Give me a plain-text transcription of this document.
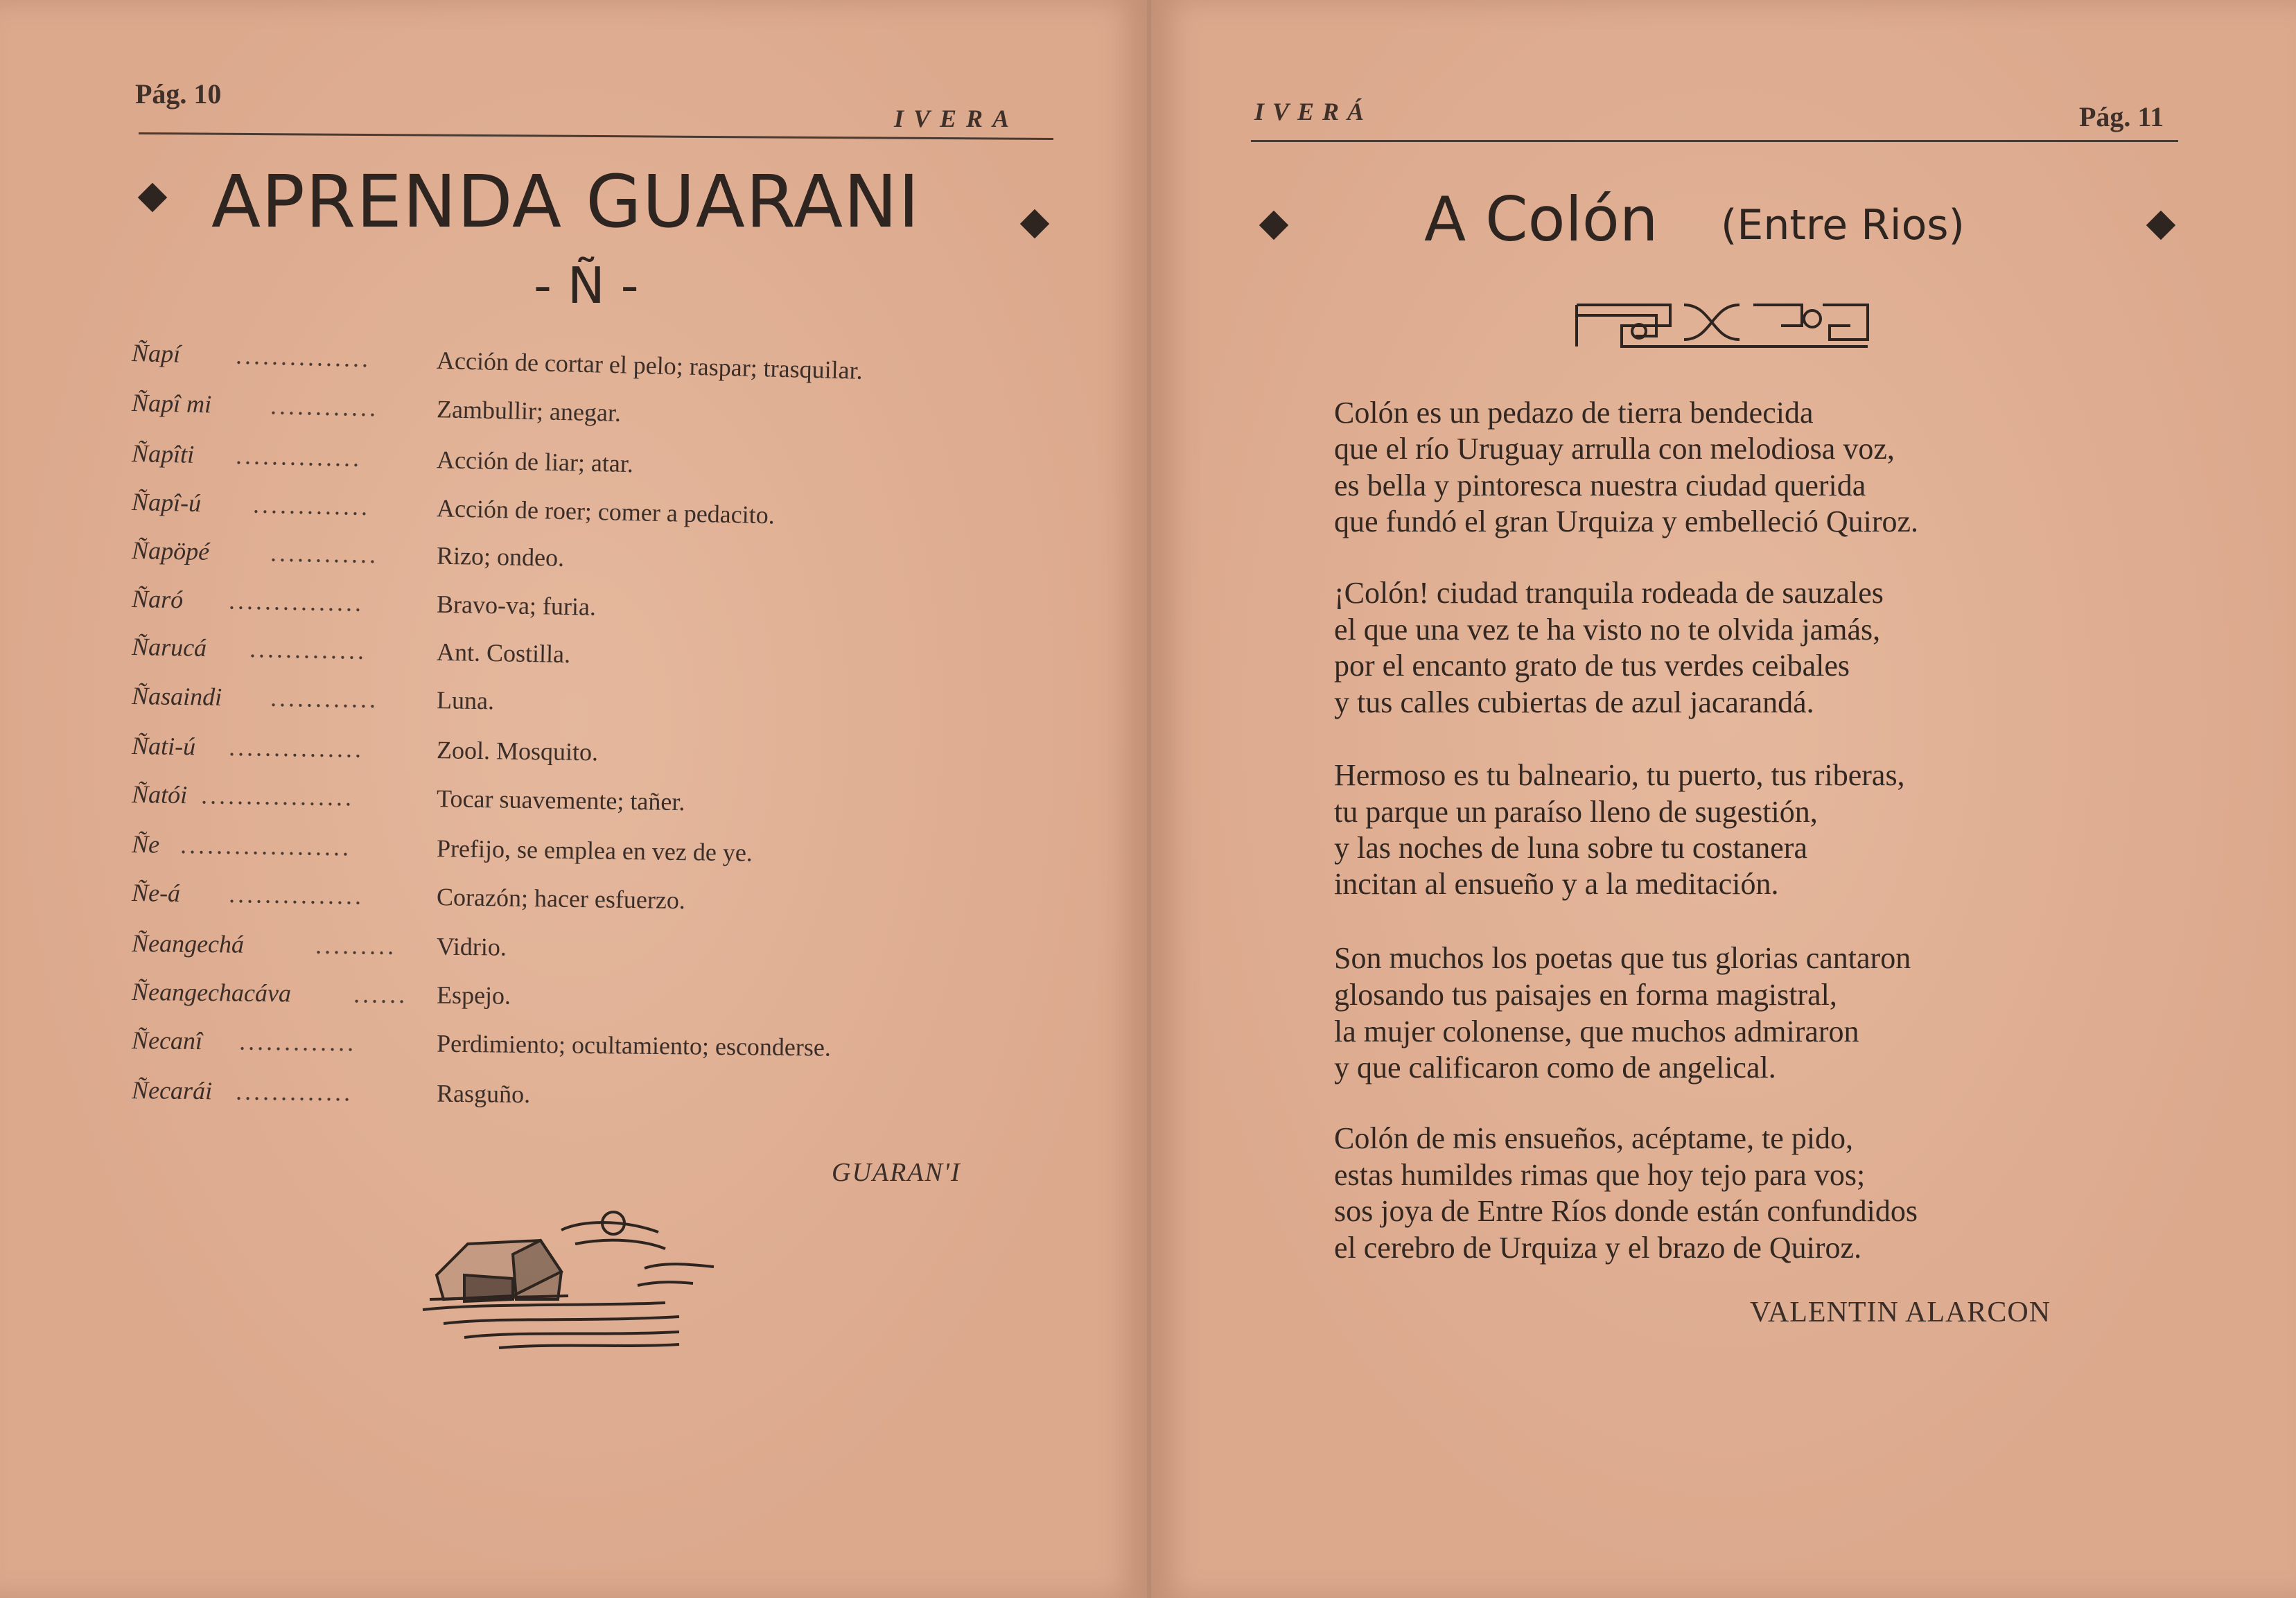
Pág. 10
IVERA
APRENDA GUARANI
- Ñ -
Ñapí ...............	Acción de cortar el pelo; raspar; trasquilar.
Ñapî mi ............ Zambullir; anegar.
Ñapîti ..............	Acción de liar; atar.
Ñapî-ú .............	Acción de roer; comer a pedacito.
Ñapöpé ............ Rizo; ondeo.
Ñaró ...............	Bravo-va; furia.
Ñarucá .............	Ant. Costilla.
Ñasaindi ............ Luna.
Ñati-ú ...............	Zool. Mosquito.
Ñatói .................	Tocar suavemente; tañer.
Ñe ...................	Prefijo, se emplea en vez de ye.
Ñe-á ...............	Corazón; hacer esfuerzo.
Ñeangechá	......... Vidrio.
Ñeangechacáva ...... Espejo.
Ñecanî .............	Perdimiento; ocultamiento; esconderse.
Ñecarái .............	Rasguño.
GUARAN'I
IVERÁ	Pág. 11
A Colón (Entre Rios)
Colón es un pedazo de tierra bendecida
que el río Uruguay arrulla con melodiosa voz,
es bella y pintoresca nuestra ciudad querida
que fundó el gran Urquiza y embelleció Quiroz.
¡Colón! ciudad tranquila rodeada de sauzales
el que una vez te ha visto no te olvida jamás,
por el encanto grato de tus verdes ceibales
y tus calles cubiertas de azul jacarandá.
Hermoso es tu balneario, tu puerto, tus riberas,
tu parque un paraíso lleno de sugestión,
y las noches de luna sobre tu costanera
incitan al ensueño y a la meditación.
Son muchos los poetas que tus glorias cantaron
glosando tus paisajes en forma magistral,
la mujer colonense, que muchos admiraron
y que calificaron como de angelical.
Colón de mis ensueños, acéptame, te pido,
estas humildes rimas que hoy tejo para vos;
sos joya de Entre Ríos donde están confundidos
el cerebro de Urquiza y el brazo de Quiroz.
VALENTIN ALARCON
